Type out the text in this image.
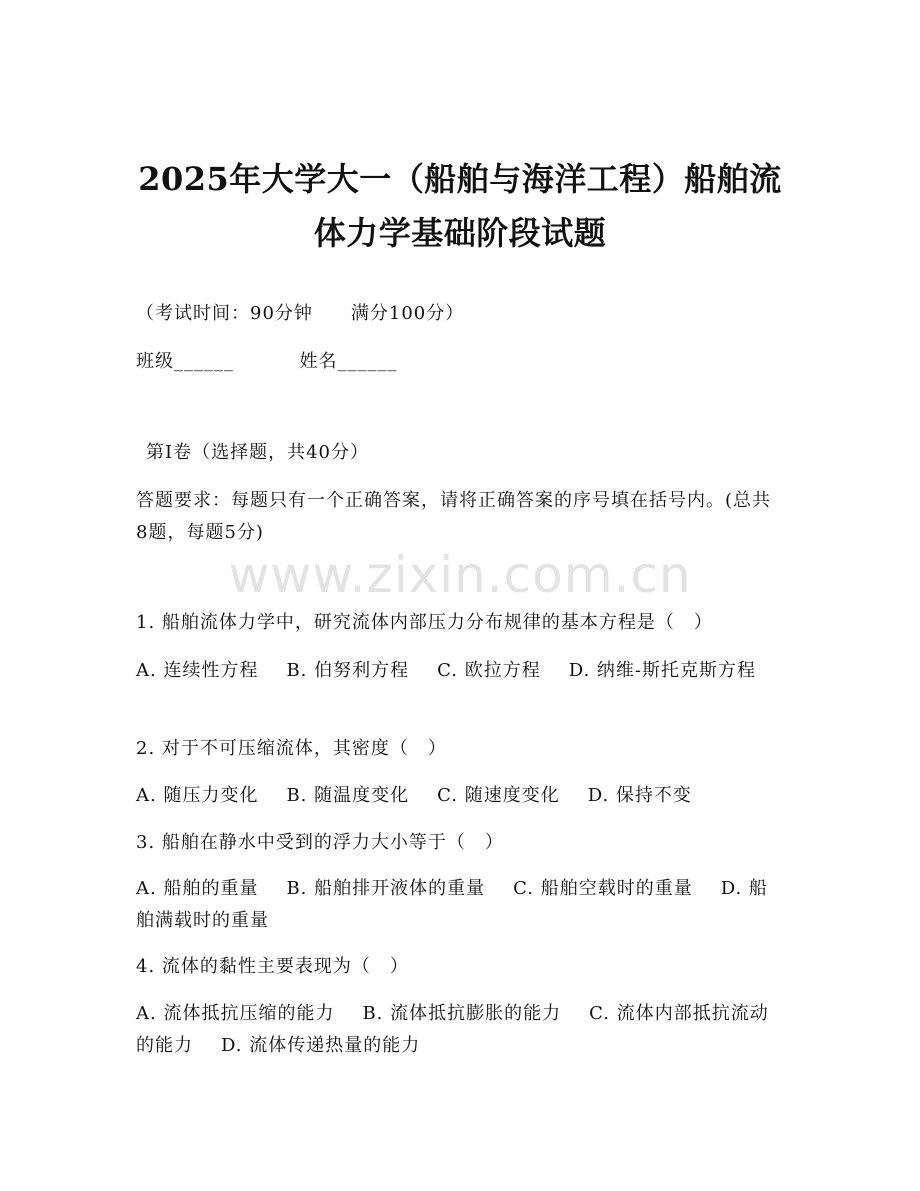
www.zixin.com.cn
2025年大学大一（船舶与海洋工程）船舶流
体力学基础阶段试题
（考试时间：90分钟　　满分100分）
班级______	姓名______
第Ⅰ卷（选择题，共40分）
答题要求：每题只有一个正确答案，请将正确答案的序号填在括号内。(总共8题，每题5分)
1. 船舶流体力学中，研究流体内部压力分布规律的基本方程是（　）
A. 连续性方程 B. 伯努利方程 C. 欧拉方程 D. 纳维-斯托克斯方程
2. 对于不可压缩流体，其密度（　）
A. 随压力变化 B. 随温度变化 C. 随速度变化 D. 保持不变
3. 船舶在静水中受到的浮力大小等于（　）
A. 船舶的重量 B. 船舶排开液体的重量 C. 船舶空载时的重量 D. 船舶满载时的重量
4. 流体的黏性主要表现为（　）
A. 流体抵抗压缩的能力 B. 流体抵抗膨胀的能力 C. 流体内部抵抗流动的能力 D. 流体传递热量的能力
